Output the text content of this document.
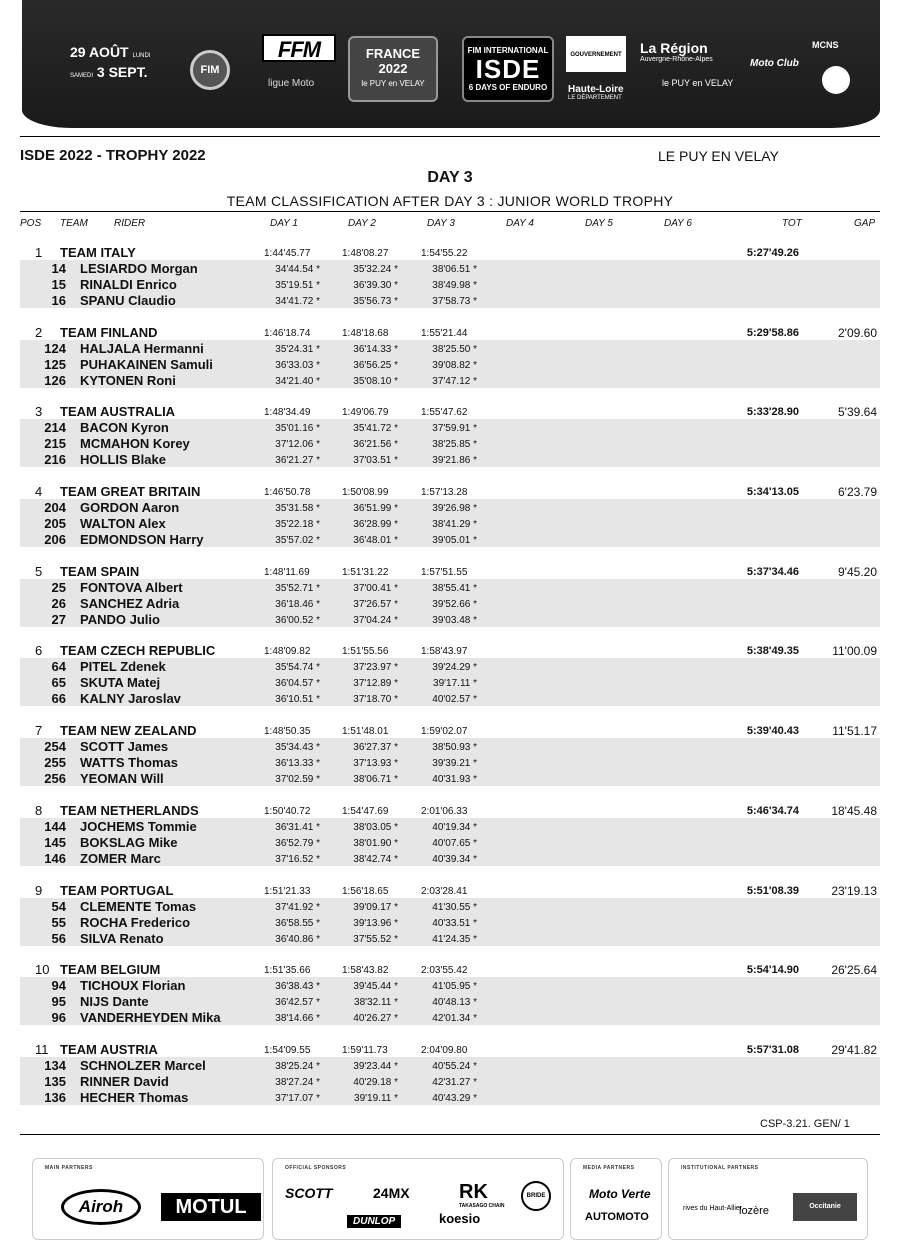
29 AOÛT LUNDI
SAMEDI 3 SEPT.	FIM
FFM
ligue Moto
FRANCE
2022
le PUY en VELAY
FIM INTERNATIONAL
ISDE
6 DAYS OF ENDURO
GOUVERNEMENT	La Région
Auvergne-Rhône-Alpes
Haute-Loire
LE DÉPARTEMENT
le PUY en VELAY
MCNS
Moto Club
ISDE 2022 - TROPHY 2022	LE PUY EN VELAY
DAY 3
TEAM CLASSIFICATION AFTER DAY 3 : JUNIOR WORLD TROPHY
POS TEAM	RIDER	DAY 1	DAY 2	DAY 3	DAY 4	DAY 5	DAY 6	TOT	GAP
1 TEAM ITALY	1:44'45.77	1:48'08.27	1:54'55.22	5:27'49.26
14 LESIARDO Morgan	34'44.54 *	35'32.24 *	38'06.51 *
15 RINALDI Enrico	35'19.51 *	36'39.30 *	38'49.98 *
16 SPANU Claudio	34'41.72 *	35'56.73 *	37'58.73 *
2 TEAM FINLAND	1:46'18.74	1:48'18.68	1:55'21.44	5:29'58.86	2'09.60
124 HALJALA Hermanni	35'24.31 *	36'14.33 *	38'25.50 *
125 PUHAKAINEN Samuli	36'33.03 *	36'56.25 *	39'08.82 *
126 KYTONEN Roni	34'21.40 *	35'08.10 *	37'47.12 *
3 TEAM AUSTRALIA	1:48'34.49	1:49'06.79	1:55'47.62	5:33'28.90	5'39.64
214 BACON Kyron	35'01.16 *	35'41.72 *	37'59.91 *
215 MCMAHON Korey	37'12.06 *	36'21.56 *	38'25.85 *
216 HOLLIS Blake	36'21.27 *	37'03.51 *	39'21.86 *
4 TEAM GREAT BRITAIN	1:46'50.78	1:50'08.99	1:57'13.28	5:34'13.05	6'23.79
204 GORDON Aaron	35'31.58 *	36'51.99 *	39'26.98 *
205 WALTON Alex	35'22.18 *	36'28.99 *	38'41.29 *
206 EDMONDSON Harry	35'57.02 *	36'48.01 *	39'05.01 *
5 TEAM SPAIN	1:48'11.69	1:51'31.22	1:57'51.55	5:37'34.46	9'45.20
25 FONTOVA Albert	35'52.71 *	37'00.41 *	38'55.41 *
26 SANCHEZ Adria	36'18.46 *	37'26.57 *	39'52.66 *
27 PANDO Julio	36'00.52 *	37'04.24 *	39'03.48 *
6 TEAM CZECH REPUBLIC	1:48'09.82	1:51'55.56	1:58'43.97	5:38'49.35	11'00.09
64 PITEL Zdenek	35'54.74 *	37'23.97 *	39'24.29 *
65 SKUTA Matej	36'04.57 *	37'12.89 *	39'17.11 *
66 KALNY Jaroslav	36'10.51 *	37'18.70 *	40'02.57 *
7 TEAM NEW ZEALAND	1:48'50.35	1:51'48.01	1:59'02.07	5:39'40.43	11'51.17
254 SCOTT James	35'34.43 *	36'27.37 *	38'50.93 *
255 WATTS Thomas	36'13.33 *	37'13.93 *	39'39.21 *
256 YEOMAN Will	37'02.59 *	38'06.71 *	40'31.93 *
8 TEAM NETHERLANDS	1:50'40.72	1:54'47.69	2:01'06.33	5:46'34.74	18'45.48
144 JOCHEMS Tommie	36'31.41 *	38'03.05 *	40'19.34 *
145 BOKSLAG Mike	36'52.79 *	38'01.90 *	40'07.65 *
146 ZOMER Marc	37'16.52 *	38'42.74 *	40'39.34 *
9 TEAM PORTUGAL	1:51'21.33	1:56'18.65	2:03'28.41	5:51'08.39	23'19.13
54 CLEMENTE Tomas	37'41.92 *	39'09.17 *	41'30.55 *
55 ROCHA Frederico	36'58.55 *	39'13.96 *	40'33.51 *
56 SILVA Renato	36'40.86 *	37'55.52 *	41'24.35 *
10 TEAM BELGIUM	1:51'35.66	1:58'43.82	2:03'55.42	5:54'14.90	26'25.64
94 TICHOUX Florian	36'38.43 *	39'45.44 *	41'05.95 *
95 NIJS Dante	36'42.57 *	38'32.11 *	40'48.13 *
96 VANDERHEYDEN Mika	38'14.66 *	40'26.27 *	42'01.34 *
11 TEAM AUSTRIA	1:54'09.55	1:59'11.73	2:04'09.80	5:57'31.08	29'41.82
134 SCHNOLZER Marcel	38'25.24 *	39'23.44 *	40'55.24 *
135 RINNER David	38'27.24 *	40'29.18 *	42'31.27 *
136 HECHER Thomas	37'17.07 *	39'19.11 *	40'43.29 *
CSP-3.21. GEN/ 1
MAIN PARTNERS
Airoh	MOTUL
OFFICIAL SPONSORS
SCOTT	24MX RK
TAKASAGO CHAIN
BRIDE
DUNLOP	koesio
MEDIA PARTNERS
Moto Verte
AUTOMOTO
INSTITUTIONAL PARTNERS
rives du Haut-Allier
lozère	Occitanie
